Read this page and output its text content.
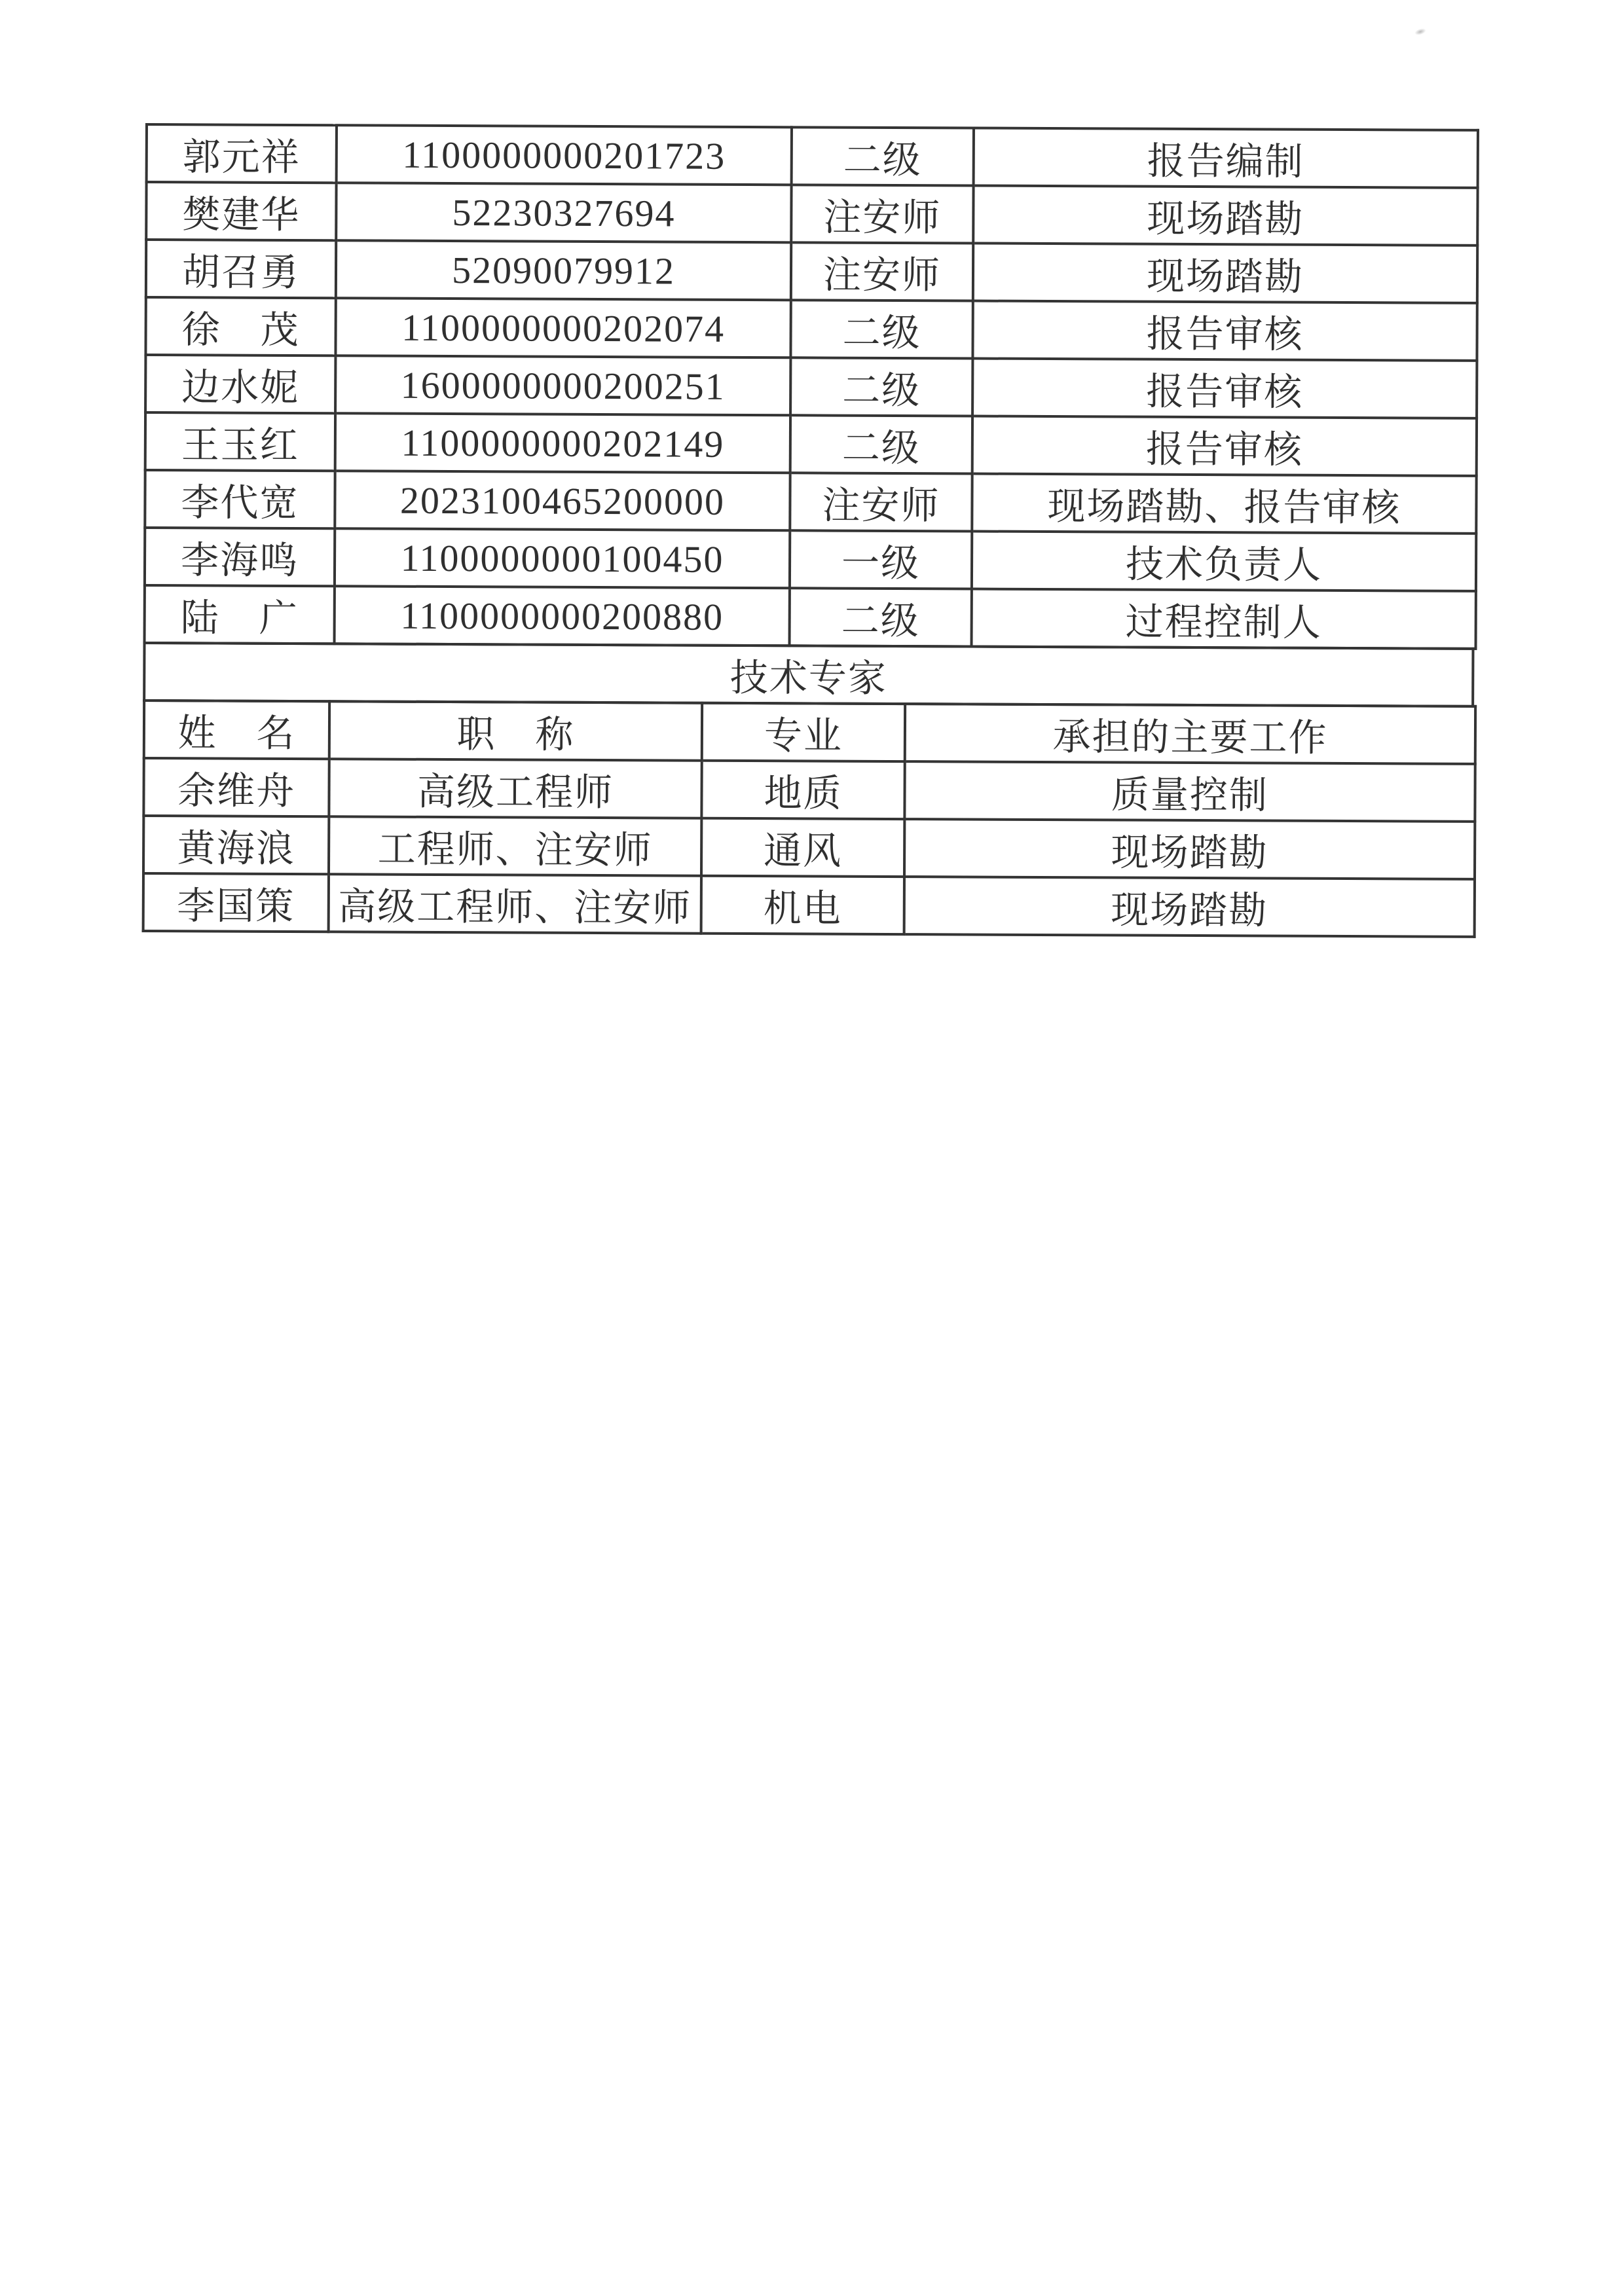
郭元祥	1100000000201723	二级	报告编制
樊建华	52230327694	注安师	现场踏勘
胡召勇	52090079912	注安师	现场踏勘
徐　茂	1100000000202074	二级	报告审核
边水妮	1600000000200251	二级	报告审核
王玉红	1100000000202149	二级	报告审核
李代宽	2023100465200000	注安师	现场踏勘、报告审核
李海鸣	1100000000100450	一级	技术负责人
陆　广	1100000000200880	二级	过程控制人
技术专家
姓　名	职　称	专业	承担的主要工作
余维舟	高级工程师	地质	质量控制
黄海浪	工程师、注安师	通风	现场踏勘
李国策	高级工程师、注安师	机电	现场踏勘
